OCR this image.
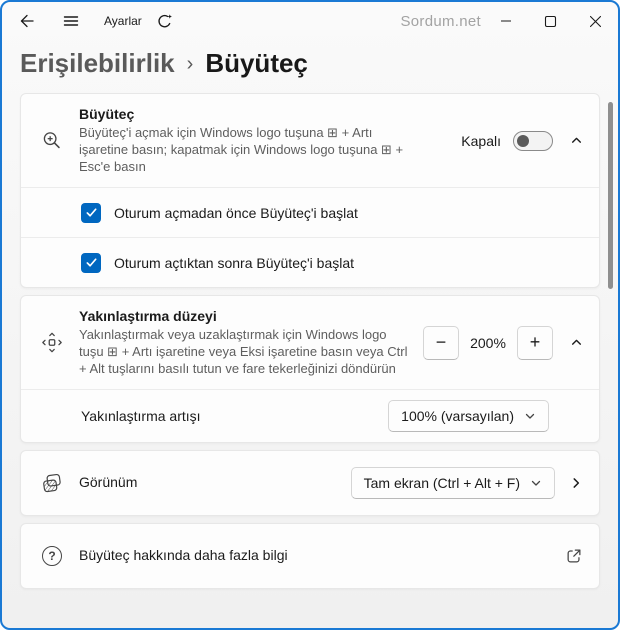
Ayarlar	Sordum.net
Erişilebilirlik › Büyüteç
Büyüteç
Büyüteç'i açmak için Windows logo tuşuna ⊞ + Artı işaretine basın; kapatmak için Windows logo tuşuna ⊞ + Esc'e basın
Kapalı
Oturum açmadan önce Büyüteç'i başlat
Oturum açtıktan sonra Büyüteç'i başlat
Yakınlaştırma düzeyi
Yakınlaştırmak veya uzaklaştırmak için Windows logo tuşu ⊞ + Artı işaretine veya Eksi işaretine basın veya Ctrl + Alt tuşlarını basılı tutun ve fare tekerleğinizi döndürün
−	200%	+
Yakınlaştırma artışı	100% (varsayılan)
Görünüm	Tam ekran (Ctrl + Alt + F)
?	Büyüteç hakkında daha fazla bilgi
